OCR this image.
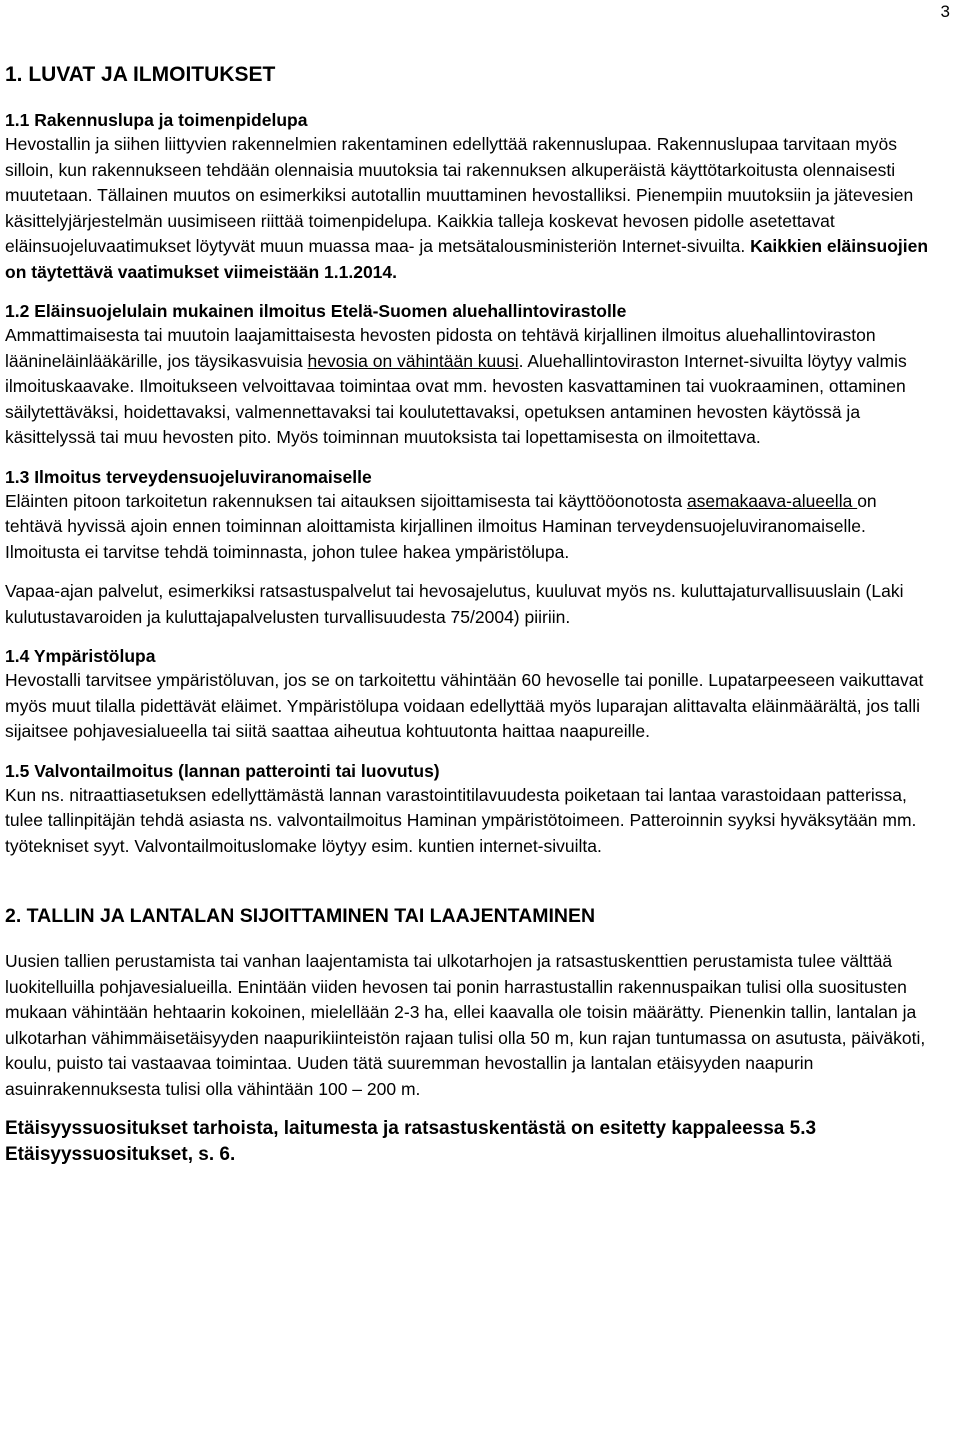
3
1. LUVAT JA ILMOITUKSET
1.1 Rakennuslupa ja toimenpidelupa

Hevostallin ja siihen liittyvien rakennelmien rakentaminen edellyttää rakennuslupaa. Rakennuslupaa tarvitaan myös silloin, kun rakennukseen tehdään olennaisia muutoksia tai rakennuksen alkuperäistä käyttötarkoitusta olennaisesti muutetaan. Tällainen muutos on esimerkiksi autotallin muuttaminen hevostalliksi. Pienempiin muutoksiin ja jätevesien käsittelyjärjestelmän uusimiseen riittää toimenpidelupa. Kaikkia talleja koskevat hevosen pidolle asetettavat eläinsuojeluvaatimukset löytyvät muun muassa maa- ja metsätalousministeriön Internet-sivuilta. Kaikkien eläinsuojien on täytettävä vaatimukset viimeistään 1.1.2014.

1.2 Eläinsuojelulain mukainen ilmoitus Etelä-Suomen aluehallintovirastolle

Ammattimaisesta tai muutoin laajamittaisesta hevosten pidosta on tehtävä kirjallinen ilmoitus aluehallintoviraston läänineläinlääkärille, jos täysikasvuisia hevosia on vähintään kuusi. Aluehallintoviraston Internet-sivuilta löytyy valmis ilmoituskaavake. Ilmoitukseen velvoittavaa toimintaa ovat mm. hevosten kasvattaminen tai vuokraaminen, ottaminen säilytettäväksi, hoidettavaksi, valmennettavaksi tai koulutettavaksi, opetuksen antaminen hevosten käytössä ja käsittelyssä tai muu hevosten pito. Myös toiminnan muutoksista tai lopettamisesta on ilmoitettava.

1.3 Ilmoitus terveydensuojeluviranomaiselle

Eläinten pitoon tarkoitetun rakennuksen tai aitauksen sijoittamisesta tai käyttööonotosta asemakaava-alueella on tehtävä hyvissä ajoin ennen toiminnan aloittamista kirjallinen ilmoitus Haminan terveydensuojeluviranomaiselle. Ilmoitusta ei tarvitse tehdä toiminnasta, johon tulee hakea ympäristölupa.

Vapaa-ajan palvelut, esimerkiksi ratsastuspalvelut tai hevosajelutus, kuuluvat myös ns. kuluttajaturvallisuuslain (Laki kulutustavaroiden ja kuluttajapalvelusten turvallisuudesta 75/2004) piiriin.

1.4 Ympäristölupa

Hevostalli tarvitsee ympäristöluvan, jos se on tarkoitettu vähintään 60 hevoselle tai ponille. Lupatarpeeseen vaikuttavat myös muut tilalla pidettävät eläimet. Ympäristölupa voidaan edellyttää myös luparajan alittavalta eläinmäärältä, jos talli sijaitsee pohjavesialueella tai siitä saattaa aiheutua kohtuutonta haittaa naapureille.

1.5 Valvontailmoitus (lannan patterointi tai luovutus)

Kun ns. nitraattiasetuksen edellyttämästä lannan varastointitilavuudesta poiketaan tai lantaa varastoidaan patterissa, tulee tallinpitäjän tehdä asiasta ns. valvontailmoitus Haminan ympäristötoimeen. Patteroinnin syyksi hyväksytään mm. työtekniset syyt. Valvontailmoituslomake löytyy esim. kuntien internet-sivuilta.

2. TALLIN JA LANTALAN SIJOITTAMINEN TAI LAAJENTAMINEN

Uusien tallien perustamista tai vanhan laajentamista tai ulkotarhojen ja ratsastuskenttien perustamista tulee välttää luokitelluilla pohjavesialueilla. Enintään viiden hevosen tai ponin harrastustallin rakennuspaikan tulisi olla suositusten mukaan vähintään hehtaarin kokoinen, mielellään 2-3 ha, ellei kaavalla ole toisin määrätty. Pienenkin tallin, lantalan ja ulkotarhan vähimmäisetäisyyden naapurikiinteistön rajaan tulisi olla 50 m, kun rajan tuntumassa on asutusta, päiväkoti, koulu, puisto tai vastaavaa toimintaa. Uuden tätä suuremman hevostallin ja lantalan etäisyyden naapurin asuinrakennuksesta tulisi olla vähintään 100 – 200 m.

Etäisyyssuositukset tarhoista, laitumesta ja ratsastuskentästä on esitetty kappaleessa 5.3 Etäisyyssuositukset, s. 6.
